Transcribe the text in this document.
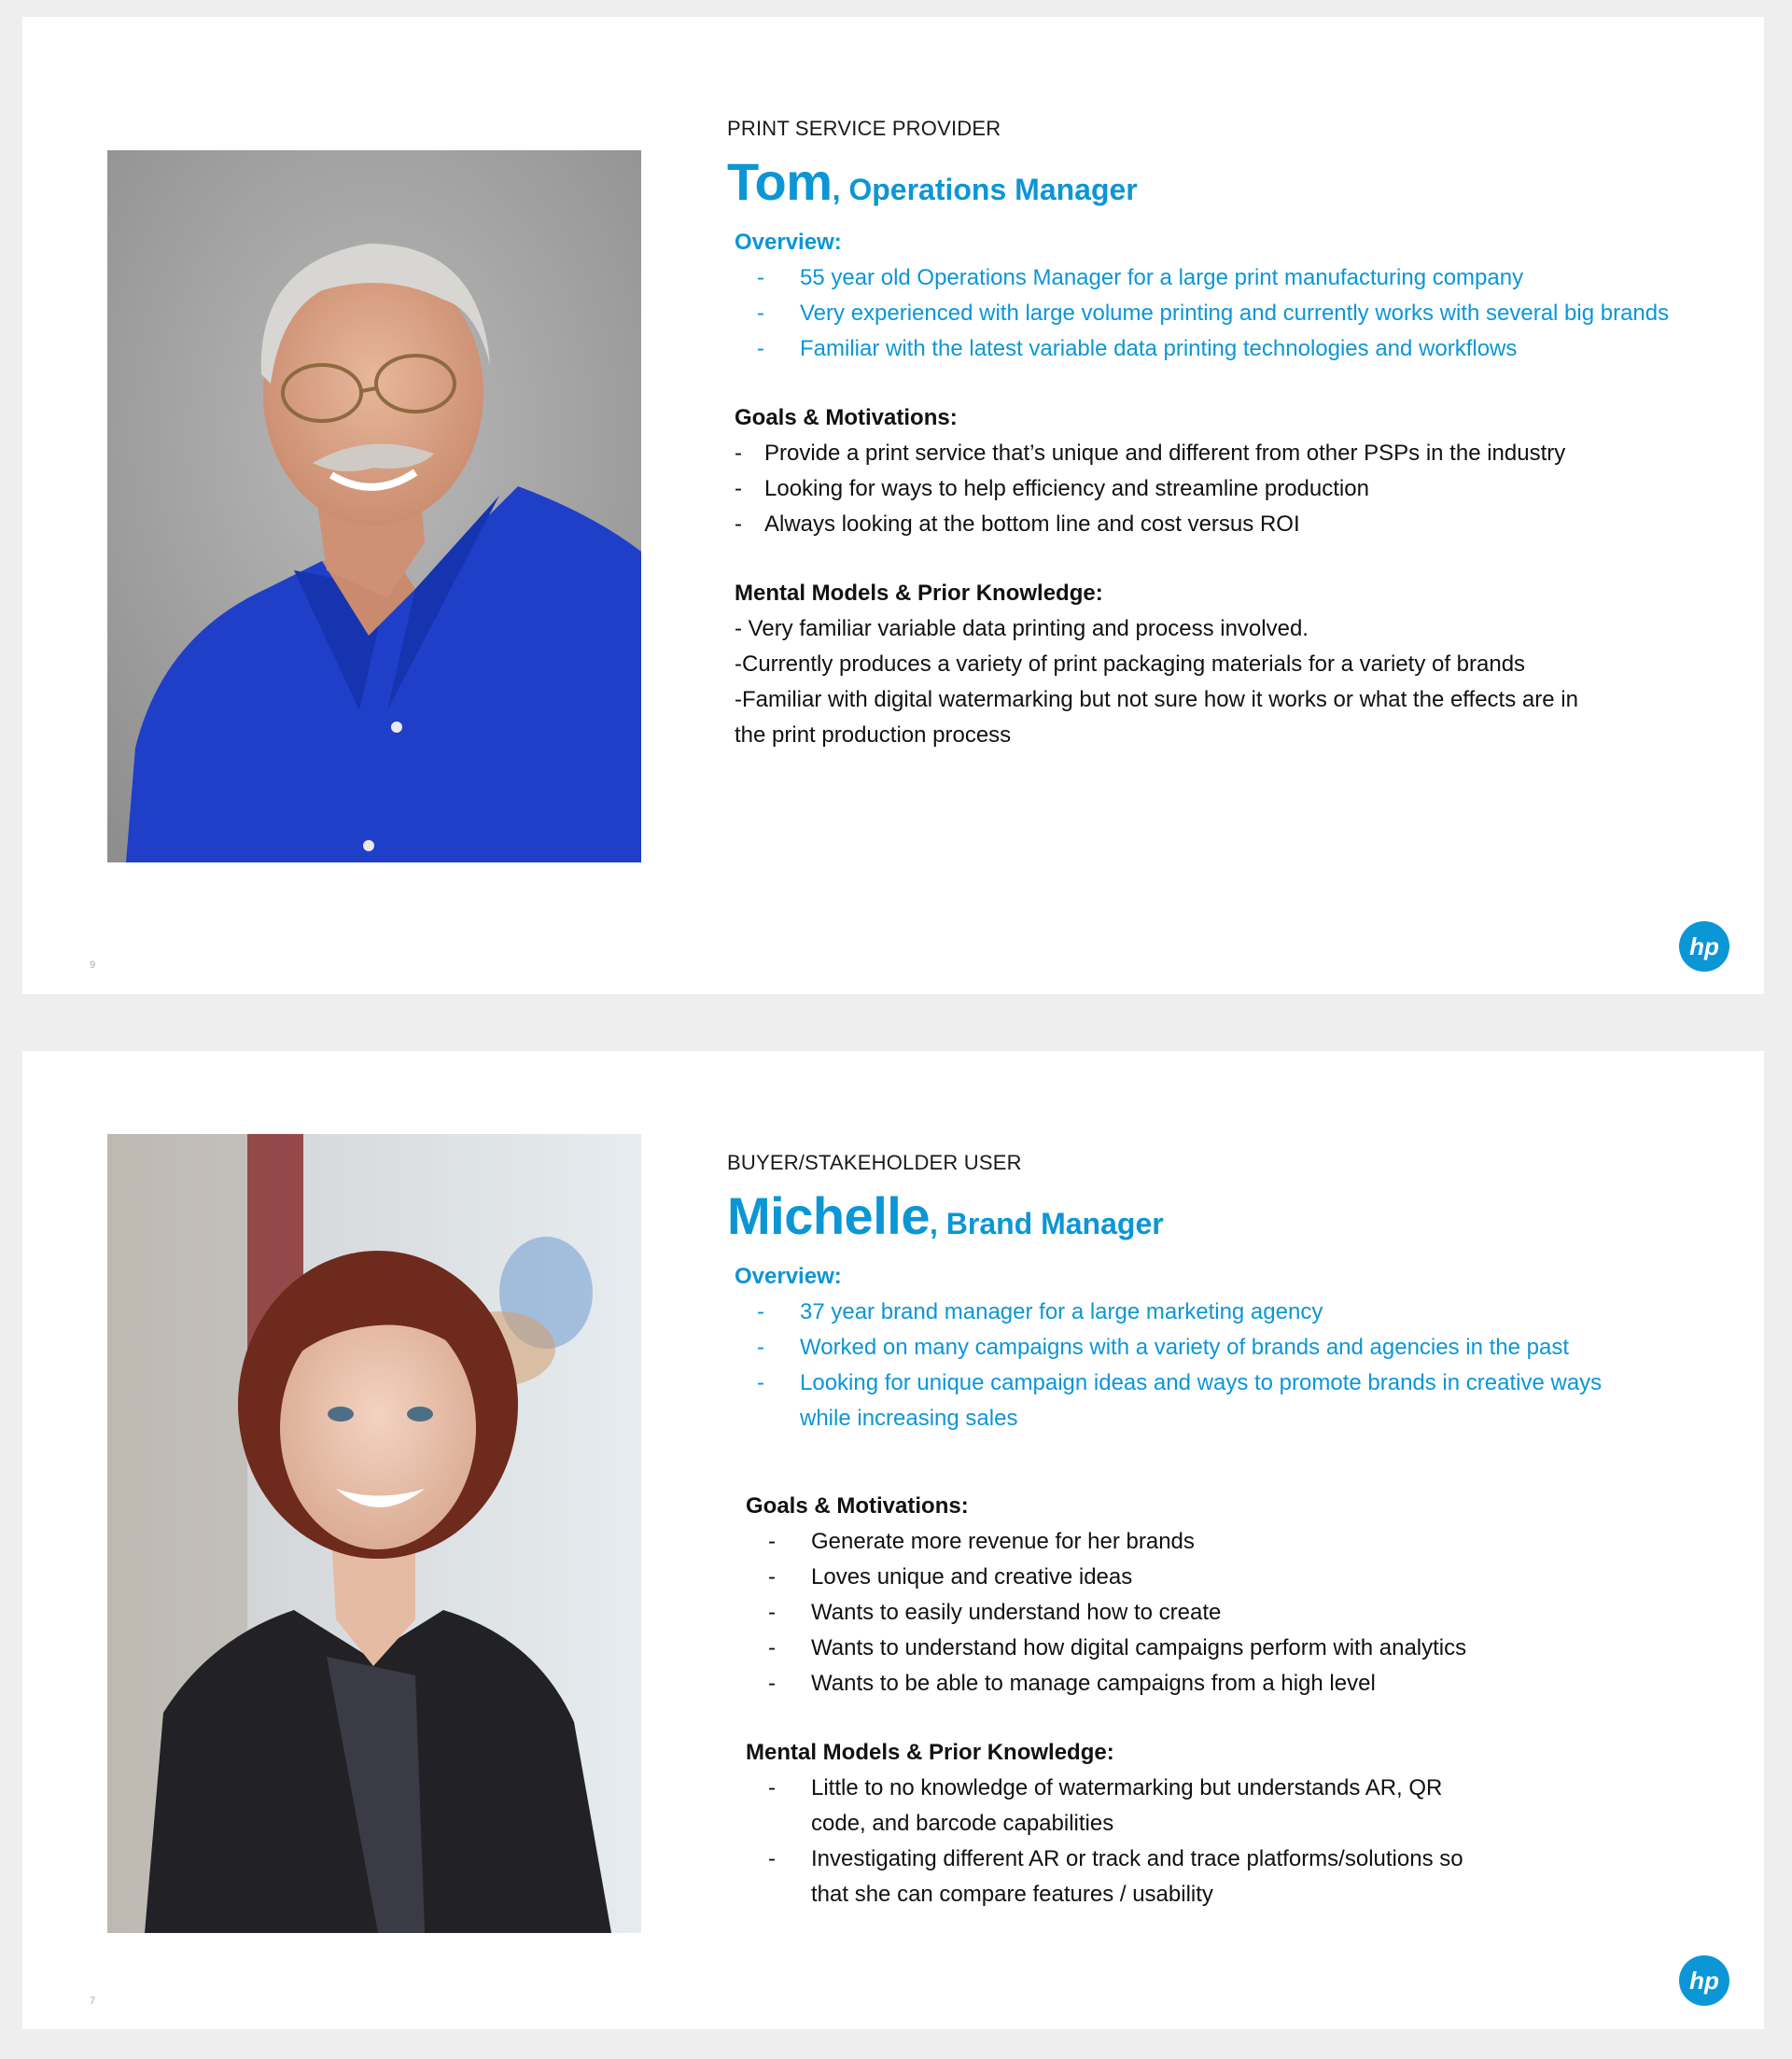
PRINT SERVICE PROVIDER
Tom, Operations Manager
Overview:
- 55 year old Operations Manager for a large print manufacturing company
- Very experienced with large volume printing and currently works with several big brands
- Familiar with the latest variable data printing technologies and workflows
Goals & Motivations:
- Provide a print service that’s unique and different from other PSPs in the industry
- Looking for ways to help efficiency and streamline production
- Always looking at the bottom line and cost versus ROI
Mental Models & Prior Knowledge:
- Very familiar variable data printing and process involved.
-Currently produces a variety of print packaging materials for a variety of brands
-Familiar with digital watermarking but not sure how it works or what the effects are in
the print production process
hp
9
BUYER/STAKEHOLDER USER
Michelle, Brand Manager
Overview:
- 37 year brand manager for a large marketing agency
- Worked on many campaigns with a variety of brands and agencies in the past
- Looking for unique campaign ideas and ways to promote brands in creative ways
while increasing sales
Goals & Motivations:
- Generate more revenue for her brands
- Loves unique and creative ideas
- Wants to easily understand how to create
- Wants to understand how digital campaigns perform with analytics
- Wants to be able to manage campaigns from a high level
Mental Models & Prior Knowledge:
- Little to no knowledge of watermarking but understands AR, QR
code, and barcode capabilities
- Investigating different AR or track and trace platforms/solutions so
that she can compare features / usability
hp
7
